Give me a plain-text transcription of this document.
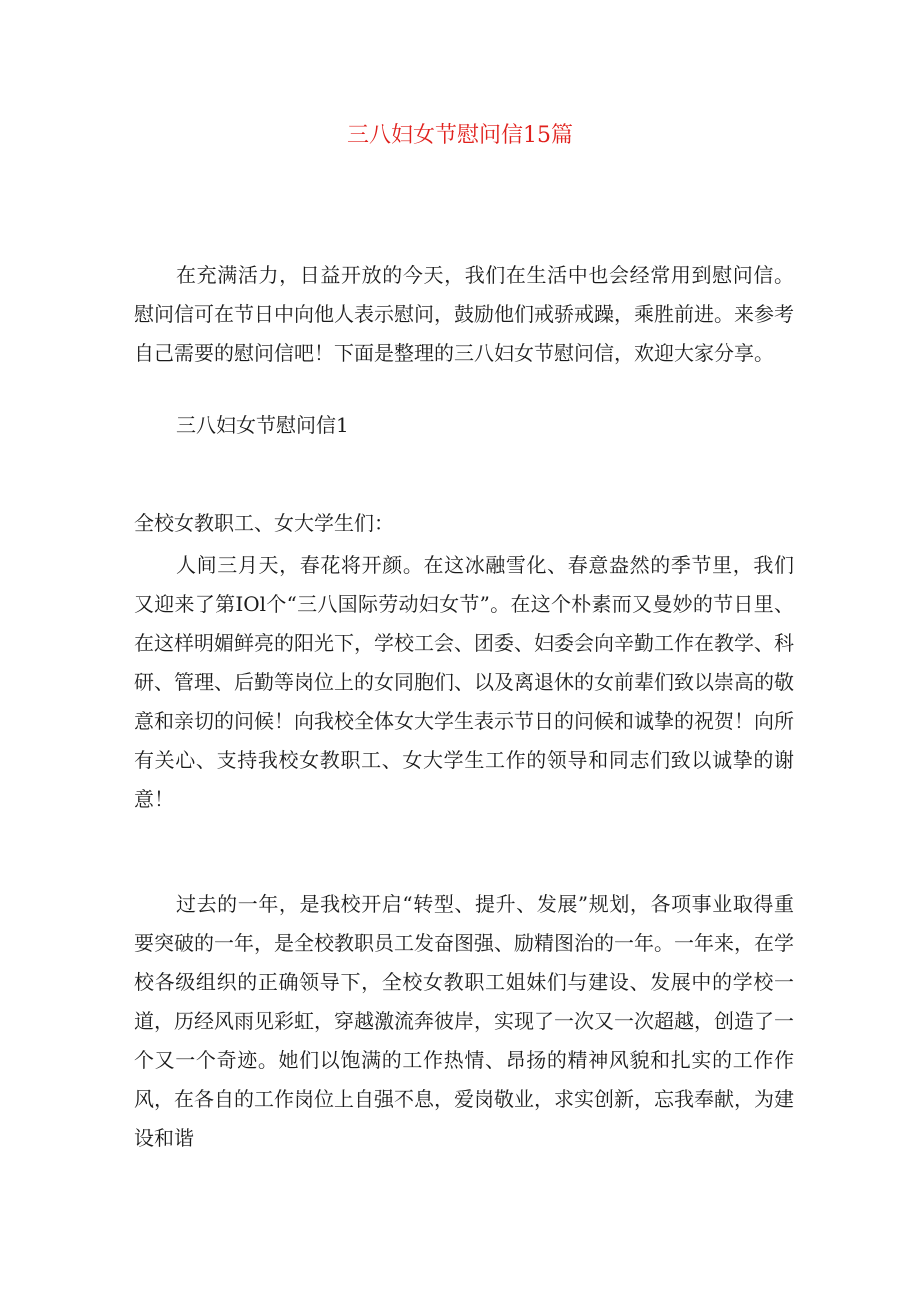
三八妇女节慰问信15篇

在充满活力，日益开放的今天，我们在生活中也会经常用到慰问信。慰问信可在节日中向他人表示慰问，鼓励他们戒骄戒躁，乘胜前进。来参考自己需要的慰问信吧！下面是整理的三八妇女节慰问信，欢迎大家分享。

三八妇女节慰问信1

全校女教职工、女大学生们：

人间三月天，春花将开颜。在这冰融雪化、春意盎然的季节里，我们又迎来了第IOl个“三八国际劳动妇女节”。在这个朴素而又曼妙的节日里、在这样明媚鲜亮的阳光下，学校工会、团委、妇委会向辛勤工作在教学、科研、管理、后勤等岗位上的女同胞们、以及离退休的女前辈们致以崇高的敬意和亲切的问候！向我校全体女大学生表示节日的问候和诚挚的祝贺！向所有关心、支持我校女教职工、女大学生工作的领导和同志们致以诚挚的谢意！

过去的一年，是我校开启“转型、提升、发展”规划，各项事业取得重要突破的一年，是全校教职员工发奋图强、励精图治的一年。一年来，在学校各级组织的正确领导下，全校女教职工姐妹们与建设、发展中的学校一道，历经风雨见彩虹，穿越激流奔彼岸，实现了一次又一次超越，创造了一个又一个奇迹。她们以饱满的工作热情、昂扬的精神风貌和扎实的工作作风，在各自的工作岗位上自强不息，爱岗敬业，求实创新，忘我奉献，为建设和谐
